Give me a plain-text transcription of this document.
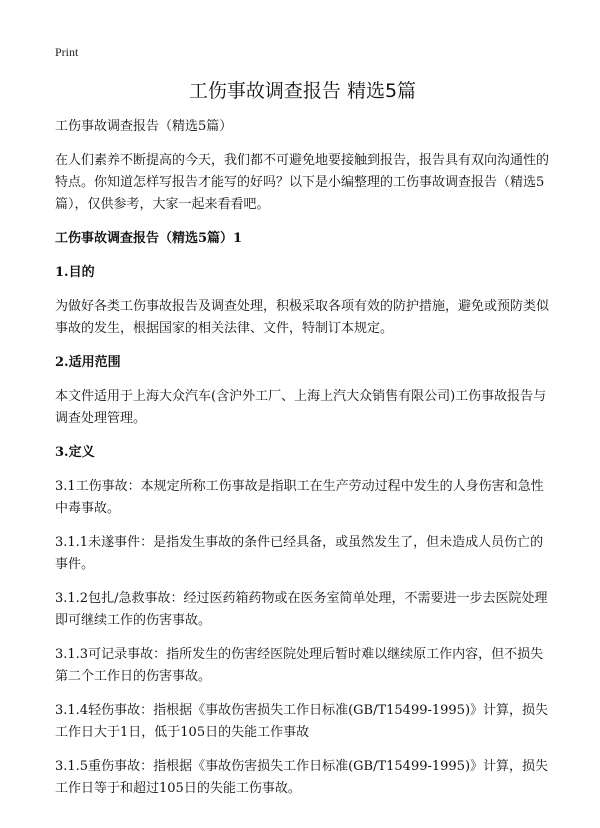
Print
工伤事故调查报告 精选5篇
工伤事故调查报告（精选5篇）

在人们素养不断提高的今天，我们都不可避免地要接触到报告，报告具有双向沟通性的特点。你知道怎样写报告才能写的好吗？以下是小编整理的工伤事故调查报告（精选5篇），仅供参考，大家一起来看看吧。

工伤事故调查报告（精选5篇）1
1.目的

为做好各类工伤事故报告及调查处理，积极采取各项有效的防护措施，避免或预防类似事故的发生，根据国家的相关法律、文件，特制订本规定。

2.适用范围

本文件适用于上海大众汽车(含沪外工厂、上海上汽大众销售有限公司)工伤事故报告与调查处理管理。

3.定义

3.1工伤事故：本规定所称工伤事故是指职工在生产劳动过程中发生的人身伤害和急性中毒事故。

3.1.1未遂事件：是指发生事故的条件已经具备，或虽然发生了，但未造成人员伤亡的事件。

3.1.2包扎/急救事故：经过医药箱药物或在医务室简单处理，不需要进一步去医院处理即可继续工作的伤害事故。

3.1.3可记录事故：指所发生的伤害经医院处理后暂时难以继续原工作内容，但不损失第二个工作日的伤害事故。

3.1.4轻伤事故：指根据《事故伤害损失工作日标准(GB/T15499-1995)》计算，损失工作日大于1日，低于105日的失能工作事故

3.1.5重伤事故：指根据《事故伤害损失工作日标准(GB/T15499-1995)》计算，损失工作日等于和超过105日的失能工伤事故。
